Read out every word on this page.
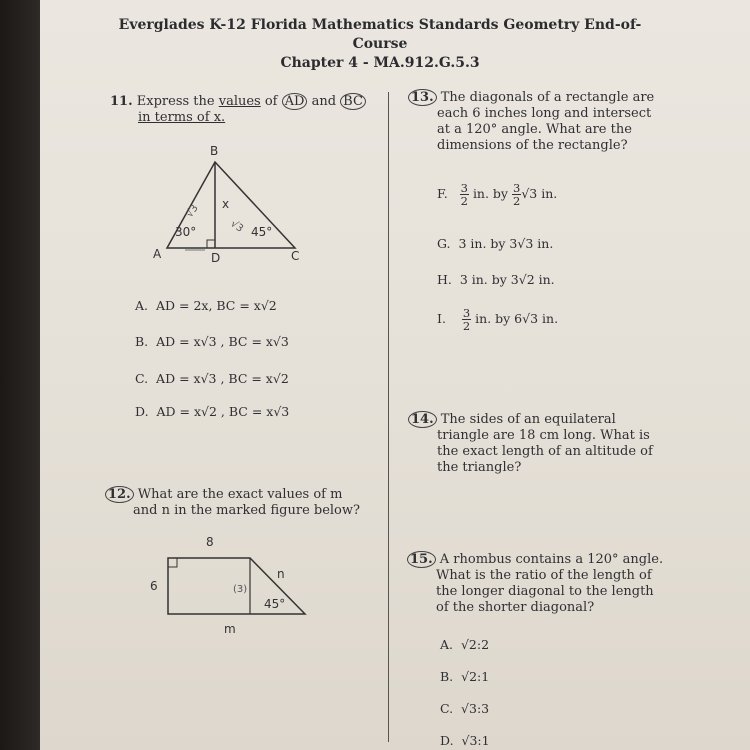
Everglades K-12 Florida Mathematics Standards Geometry End-of-Course
Chapter 4 - MA.912.G.5.3
11. Express the values of AD and BC
in terms of x.
B
A	D	C
x
30°	45°
√3
√3
A. AD = 2x, BC = x√2
B. AD = x√3 , BC = x√3
C. AD = x√3 , BC = x√2
D. AD = x√2 , BC = x√3
12. What are the exact values of m
and n in the marked figure below?
8
6
n
45°
m
(3)
13. The diagonals of a rectangle are
each 6 inches long and intersect
at a 120° angle. What are the
dimensions of the rectangle?
F. $\frac{3}{2}$ in. by $\frac{3}{2} √3$ in.
G. 3 in. by 3√3 in.
H. 3 in. by 3√2 in.
I. $\frac{3}{2}$ in. by 6√3 in.
14. The sides of an equilateral
triangle are 18 cm long. What is
the exact length of an altitude of
the triangle?
15. A rhombus contains a 120° angle.
What is the ratio of the length of
the longer diagonal to the length
of the shorter diagonal?
A. √2:2
B. √2:1
C. √3:3
D. √3:1
